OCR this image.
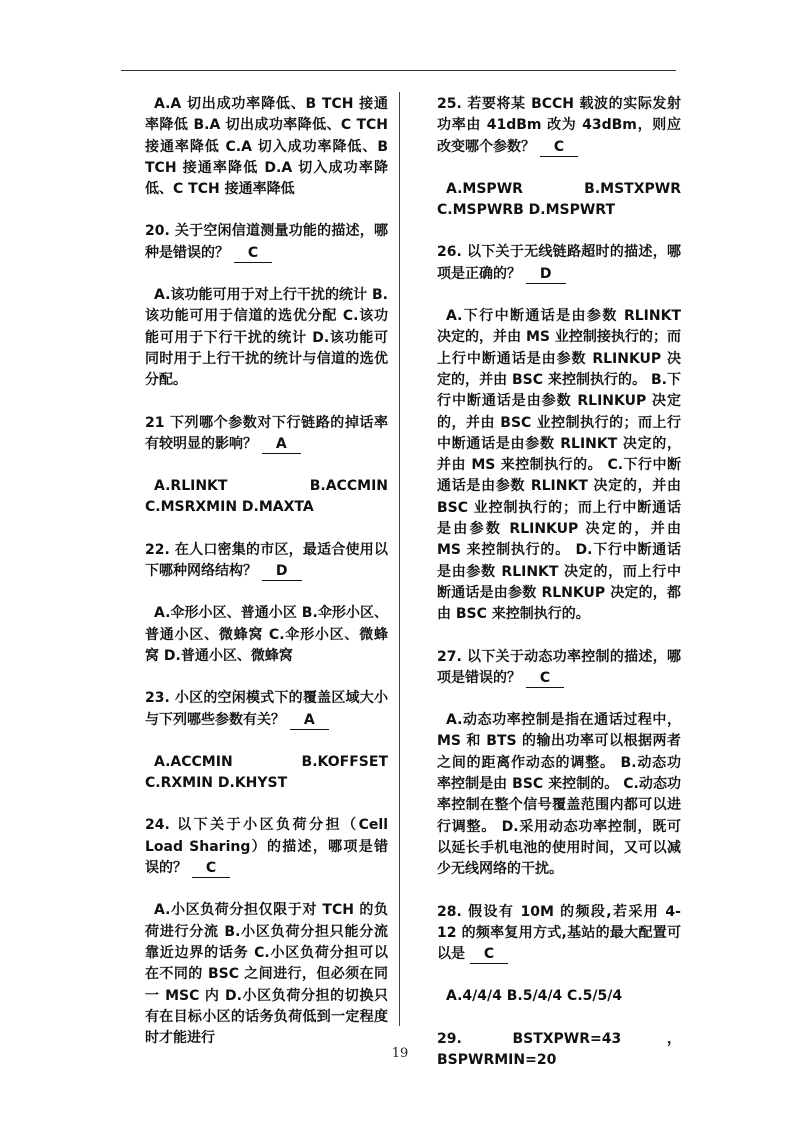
A.A 切出成功率降低、B TCH 接通率降低 B.A 切出成功率降低、C TCH 接通率降低 C.A 切入成功率降低、B TCH 接通率降低 D.A 切入成功率降低、C TCH 接通率降低

20. 关于空闲信道测量功能的描述，哪种是错误的？ C

A.该功能可用于对上行干扰的统计 B.该功能可用于信道的选优分配 C.该功能可用于下行干扰的统计 D.该功能可同时用于上行干扰的统计与信道的选优分配。

21 下列哪个参数对下行链路的掉话率有较明显的影响？ A

A.RLINKT B.ACCMIN C.MSRXMIN D.MAXTA

22. 在人口密集的市区，最适合使用以下哪种网络结构？ D

A.伞形小区、普通小区 B.伞形小区、普通小区、微蜂窝 C.伞形小区、微蜂窝 D.普通小区、微蜂窝

23. 小区的空闲模式下的覆盖区域大小与下列哪些参数有关？ A

A.ACCMIN B.KOFFSET C.RXMIN D.KHYST

24. 以下关于小区负荷分担（Cell Load Sharing）的描述，哪项是错误的？ C

A.小区负荷分担仅限于对 TCH 的负荷进行分流 B.小区负荷分担只能分流靠近边界的话务 C.小区负荷分担可以在不同的 BSC 之间进行，但必须在同一 MSC 内 D.小区负荷分担的切换只有在目标小区的话务负荷低到一定程度时才能进行

25. 若要将某 BCCH 载波的实际发射功率由 41dBm 改为 43dBm，则应改变哪个参数？ C

A.MSPWR B.MSTXPWR C.MSPWRB D.MSPWRT

26. 以下关于无线链路超时的描述，哪项是正确的？ D

A.下行中断通话是由参数 RLINKT 决定的，并由 MS 业控制接执行的；而上行中断通话是由参数 RLINKUP 决定的，并由 BSC 来控制执行的。 B.下行中断通话是由参数 RLINKUP 决定的，并由 BSC 业控制执行的；而上行中断通话是由参数 RLINKT 决定的，并由 MS 来控制执行的。 C.下行中断通话是由参数 RLINKT 决定的，并由 BSC 业控制执行的；而上行中断通话是由参数 RLINKUP 决定的，并由 MS 来控制执行的。 D.下行中断通话是由参数 RLINKT 决定的，而上行中断通话是由参数 RLNKUP 决定的，都由 BSC 来控制执行的。

27. 以下关于动态功率控制的描述，哪项是错误的？ C

A.动态功率控制是指在通话过程中，MS 和 BTS 的输出功率可以根据两者之间的距离作动态的调整。 B.动态功率控制是由 BSC 来控制的。 C.动态功率控制在整个信号覆盖范围内都可以进行调整。 D.采用动态功率控制，既可以延长手机电池的使用时间，又可以减少无线网络的干扰。

28. 假设有 10M 的频段,若采用 4-12 的频率复用方式,基站的最大配置可以是 C

A.4/4/4 B.5/4/4 C.5/5/4

29. BSTXPWR=43，BSPWRMIN=20

19
